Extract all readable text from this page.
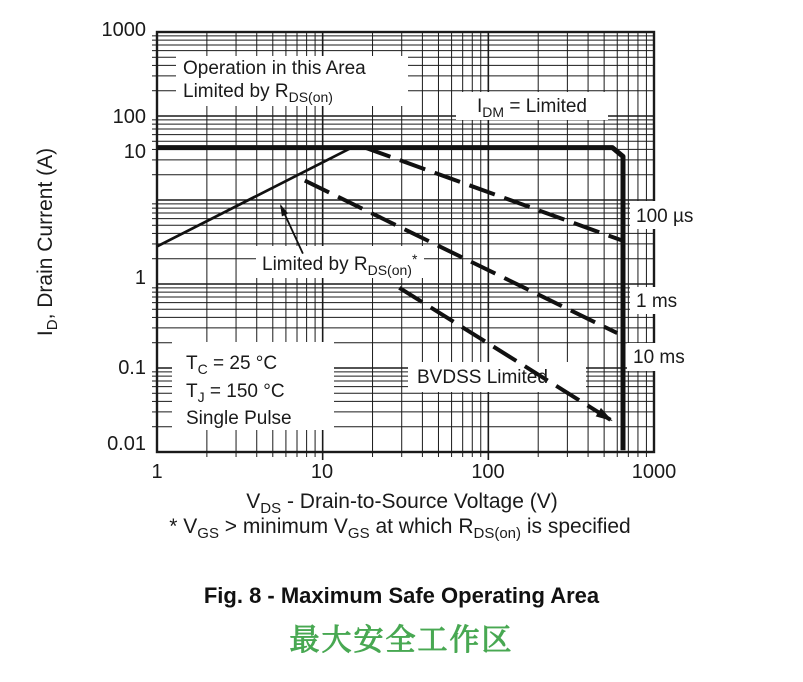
1000
100
10
1
0.1
0.01
1	10	100	1000
$V_{DS}$ - Drain-to-Source Voltage (V)
$I_D$, Drain Current (A)
* $V_{GS}$ > minimum $V_{GS}$ at which $R_{DS(on)}$ is specified
Operation in this Area
Limited by $R_{DS(on)}$	$I_{DM}$ = Limited
Limited by $R_{DS(on)}^*$
$T_C = 25$ °C
$T_J = 150$ °C
Single Pulse
BVDSS Limited
100 µs
1 ms
10 ms
Fig. 8 - Maximum Safe Operating Area
最大安全工作区
